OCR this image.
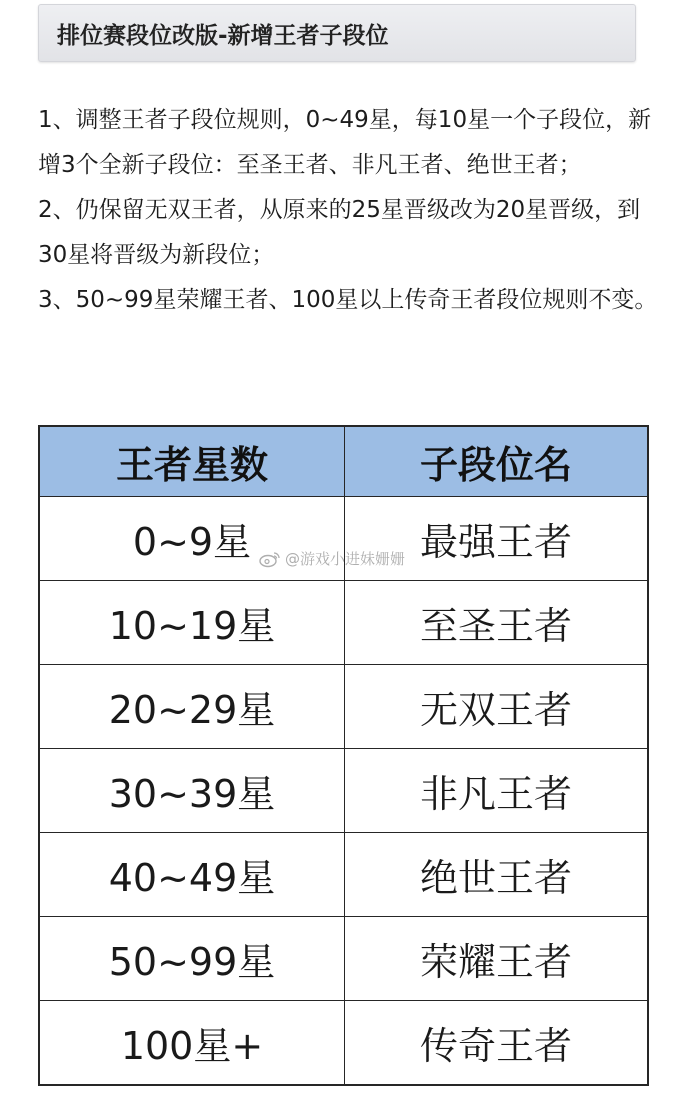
排位赛段位改版-新增王者子段位

1、调整王者子段位规则，0~49星，每10星一个子段位，新增3个全新子段位：至圣王者、非凡王者、绝世王者；

2、仍保留无双王者，从原来的25星晋级改为20星晋级，到30星将晋级为新段位；

3、50~99星荣耀王者、100星以上传奇王者段位规则不变。

王者星数	子段位名
0~9星	最强王者
10~19星	至圣王者
20~29星	无双王者
30~39星	非凡王者
40~49星	绝世王者
50~99星	荣耀王者
100星+	传奇王者
@游戏小进妹姗姗
